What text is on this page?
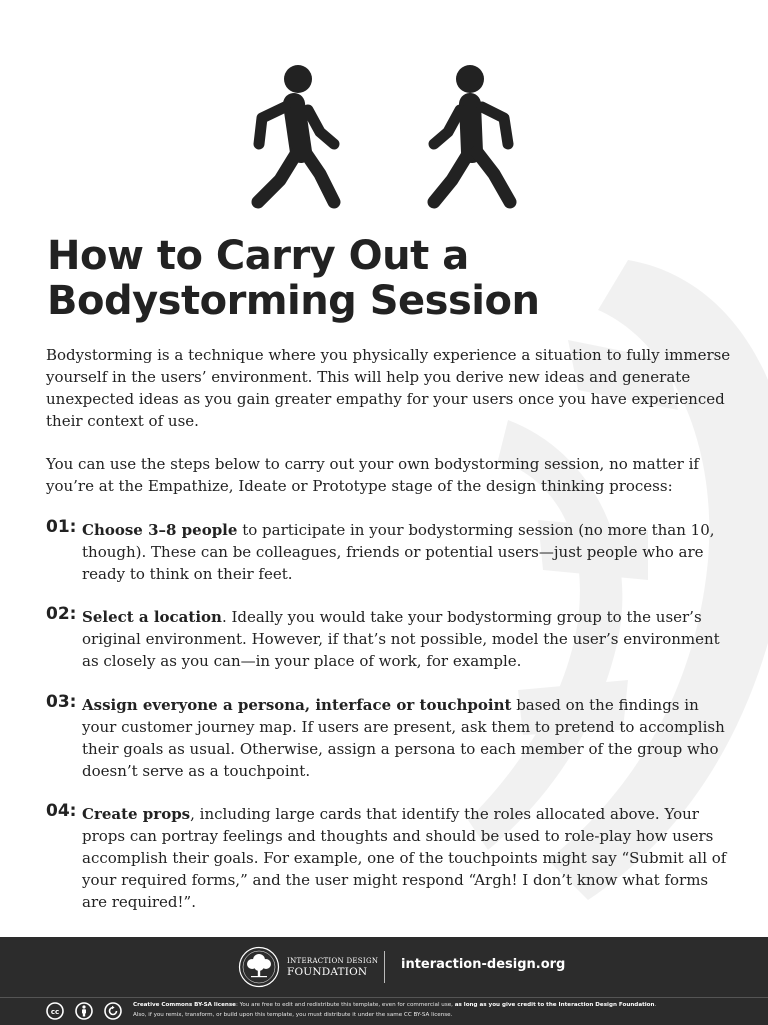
How to Carry Out a
Bodystorming Session

Bodystorming is a technique where you physically experience a situation to fully immerse yourself in the users’ environment. This will help you derive new ideas and generate unexpected ideas as you gain greater empathy for your users once you have experienced their context of use.

You can use the steps below to carry out your own bodystorming session, no matter if you’re at the Empathize, Ideate or Prototype stage of the design thinking process:

01: Choose 3–8 people to participate in your bodystorming session (no more than 10, though). These can be colleagues, friends or potential users—just people who are ready to think on their feet.
02: Select a location. Ideally you would take your bodystorming group to the user’s original environment. However, if that’s not possible, model the user’s environment as closely as you can—in your place of work, for example.
03: Assign everyone a persona, interface or touchpoint based on the findings in your customer journey map. If users are present, ask them to pretend to accomplish their goals as usual. Otherwise, assign a persona to each member of the group who doesn’t serve as a touchpoint.
04: Create props, including large cards that identify the roles allocated above. Your props can portray feelings and thoughts and should be used to role-play how users accomplish their goals. For example, one of the touchpoints might say “Submit all of your required forms,” and the user might respond “Argh! I don’t know what forms are required!”.
INTERACTION DESIGN
FOUNDATION	interaction-design.org
cc

Creative Commons BY-SA license: You are free to edit and redistribute this template, even for commercial use, as long as you give credit to the Interaction Design Foundation.
Also, if you remix, transform, or build upon this template, you must distribute it under the same CC BY-SA license.
